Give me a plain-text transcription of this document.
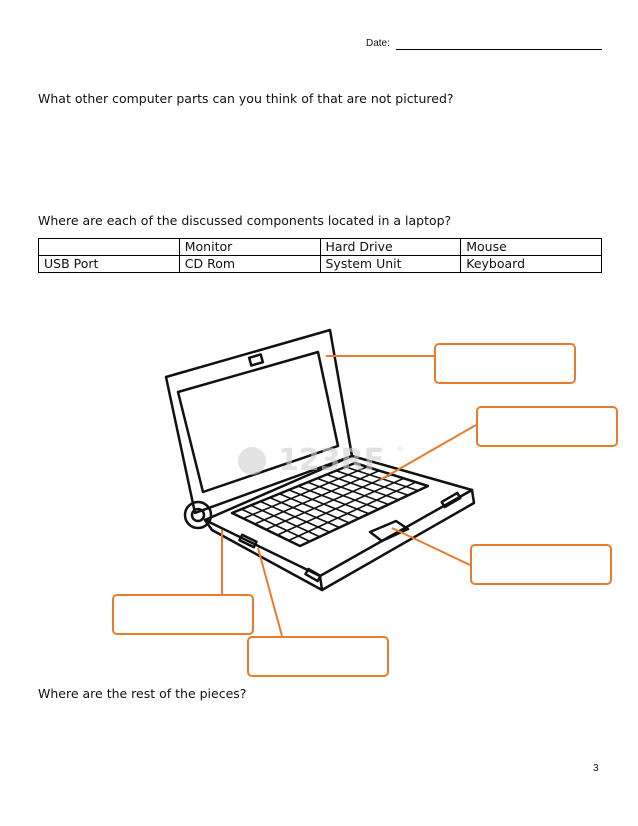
Date:
What other computer parts can you think of that are not pictured?
Where are each of the discussed components located in a laptop?
	Monitor	Hard Drive	Mouse
USB Port	CD Rom	System Unit	Keyboard
123RF ®
Where are the rest of the pieces?
3
